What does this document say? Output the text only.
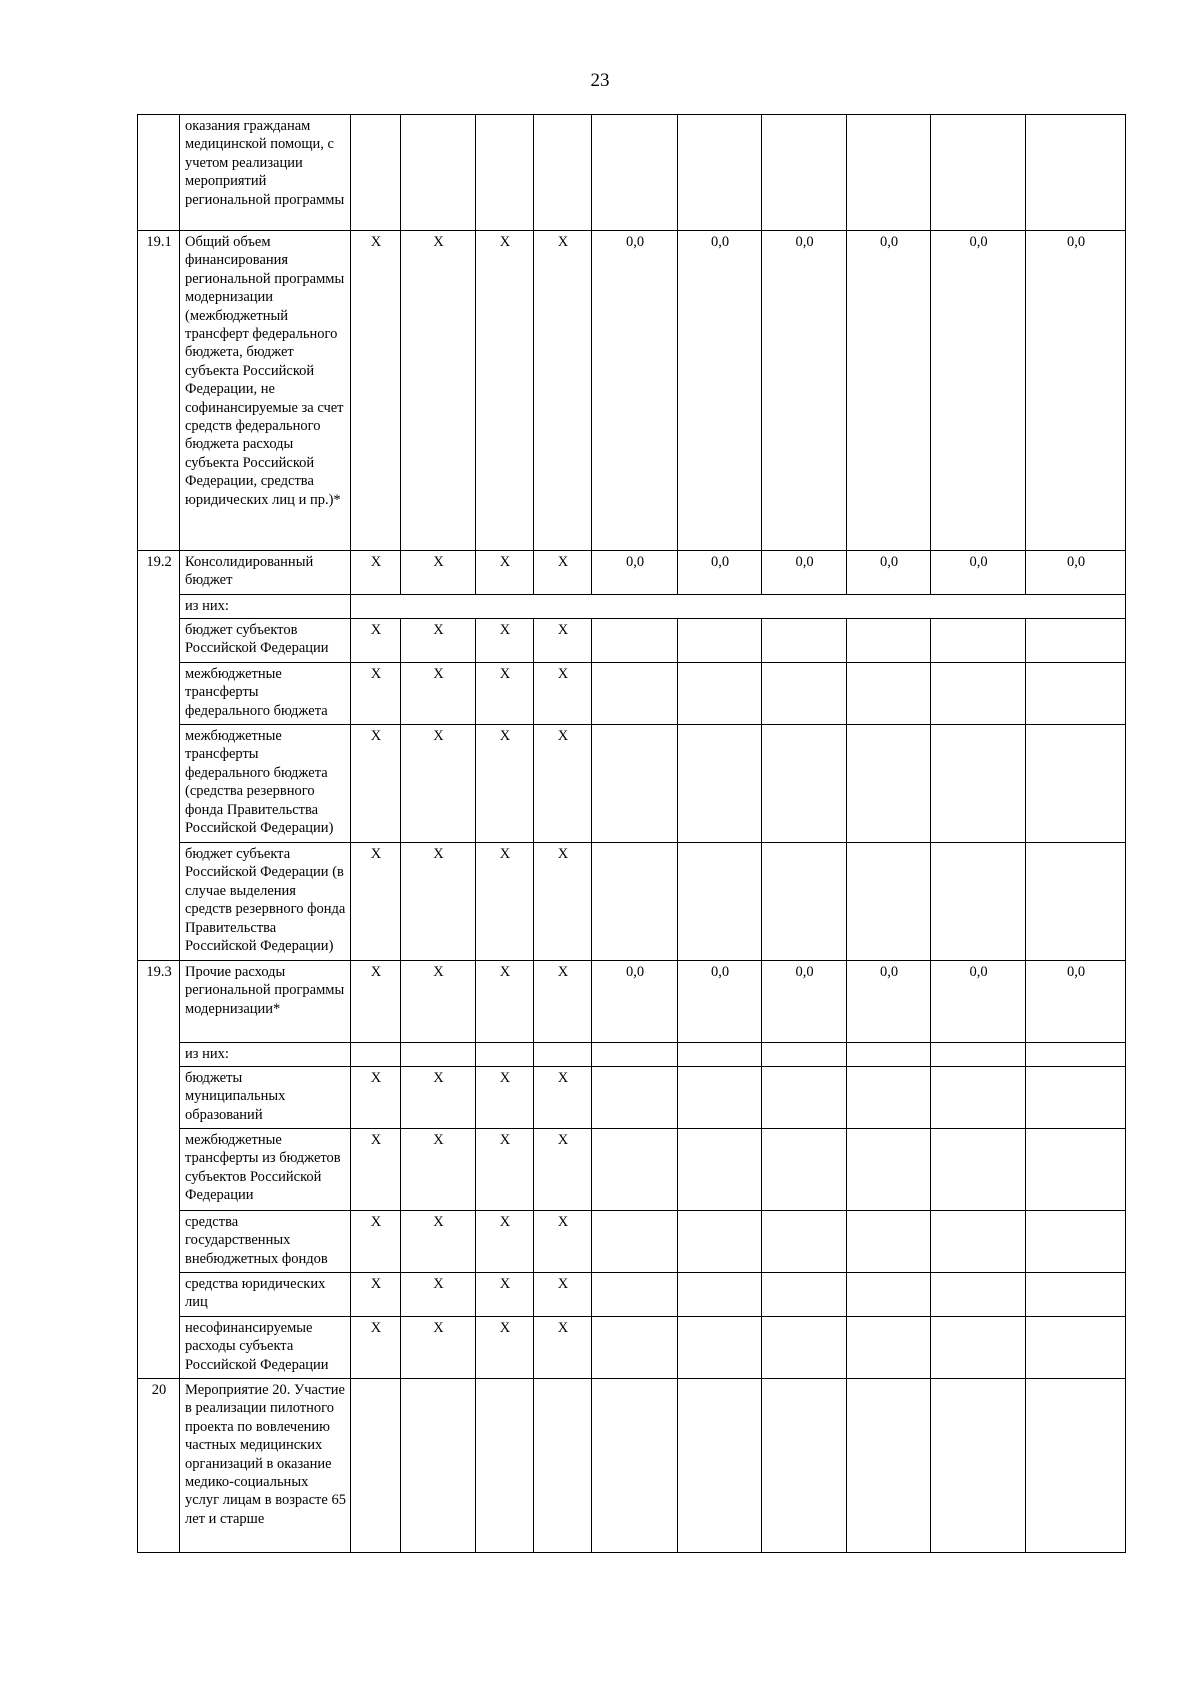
23
	оказания гражданам медицинской помощи, с учетом реализации мероприятий региональной программы										
19.1	Общий объем финансирования региональной программы модернизации (межбюджетный трансферт федерального бюджета, бюджет субъекта Российской Федерации, не софинансируемые за счет средств федерального бюджета расходы субъекта Российской Федерации, средства юридических лиц и пр.)*	X	X	X	X	0,0	0,0	0,0	0,0	0,0	0,0
19.2	Консолидированный бюджет	X	X	X	X	0,0	0,0	0,0	0,0	0,0	0,0
	из них:										
	бюджет субъектов Российской Федерации	X	X	X	X						
	межбюджетные трансферты федерального бюджета	X	X	X	X						
	межбюджетные трансферты федерального бюджета (средства резервного фонда Правительства Российской Федерации)	X	X	X	X						
	бюджет субъекта Российской Федерации (в случае выделения средств резервного фонда Правительства Российской Федерации)	X	X	X	X						
19.3	Прочие расходы региональной программы модернизации*	X	X	X	X	0,0	0,0	0,0	0,0	0,0	0,0
	из них:										
	бюджеты муниципальных образований	X	X	X	X						
	межбюджетные трансферты из бюджетов субъектов Российской Федерации	X	X	X	X						
	средства государственных внебюджетных фондов	X	X	X	X						
	средства юридических лиц	X	X	X	X						
	несофинансируемые расходы субъекта Российской Федерации	X	X	X	X						
20	Мероприятие 20. Участие в реализации пилотного проекта по вовлечению частных медицинских организаций в оказание медико-социальных услуг лицам в возрасте 65 лет и старше										
